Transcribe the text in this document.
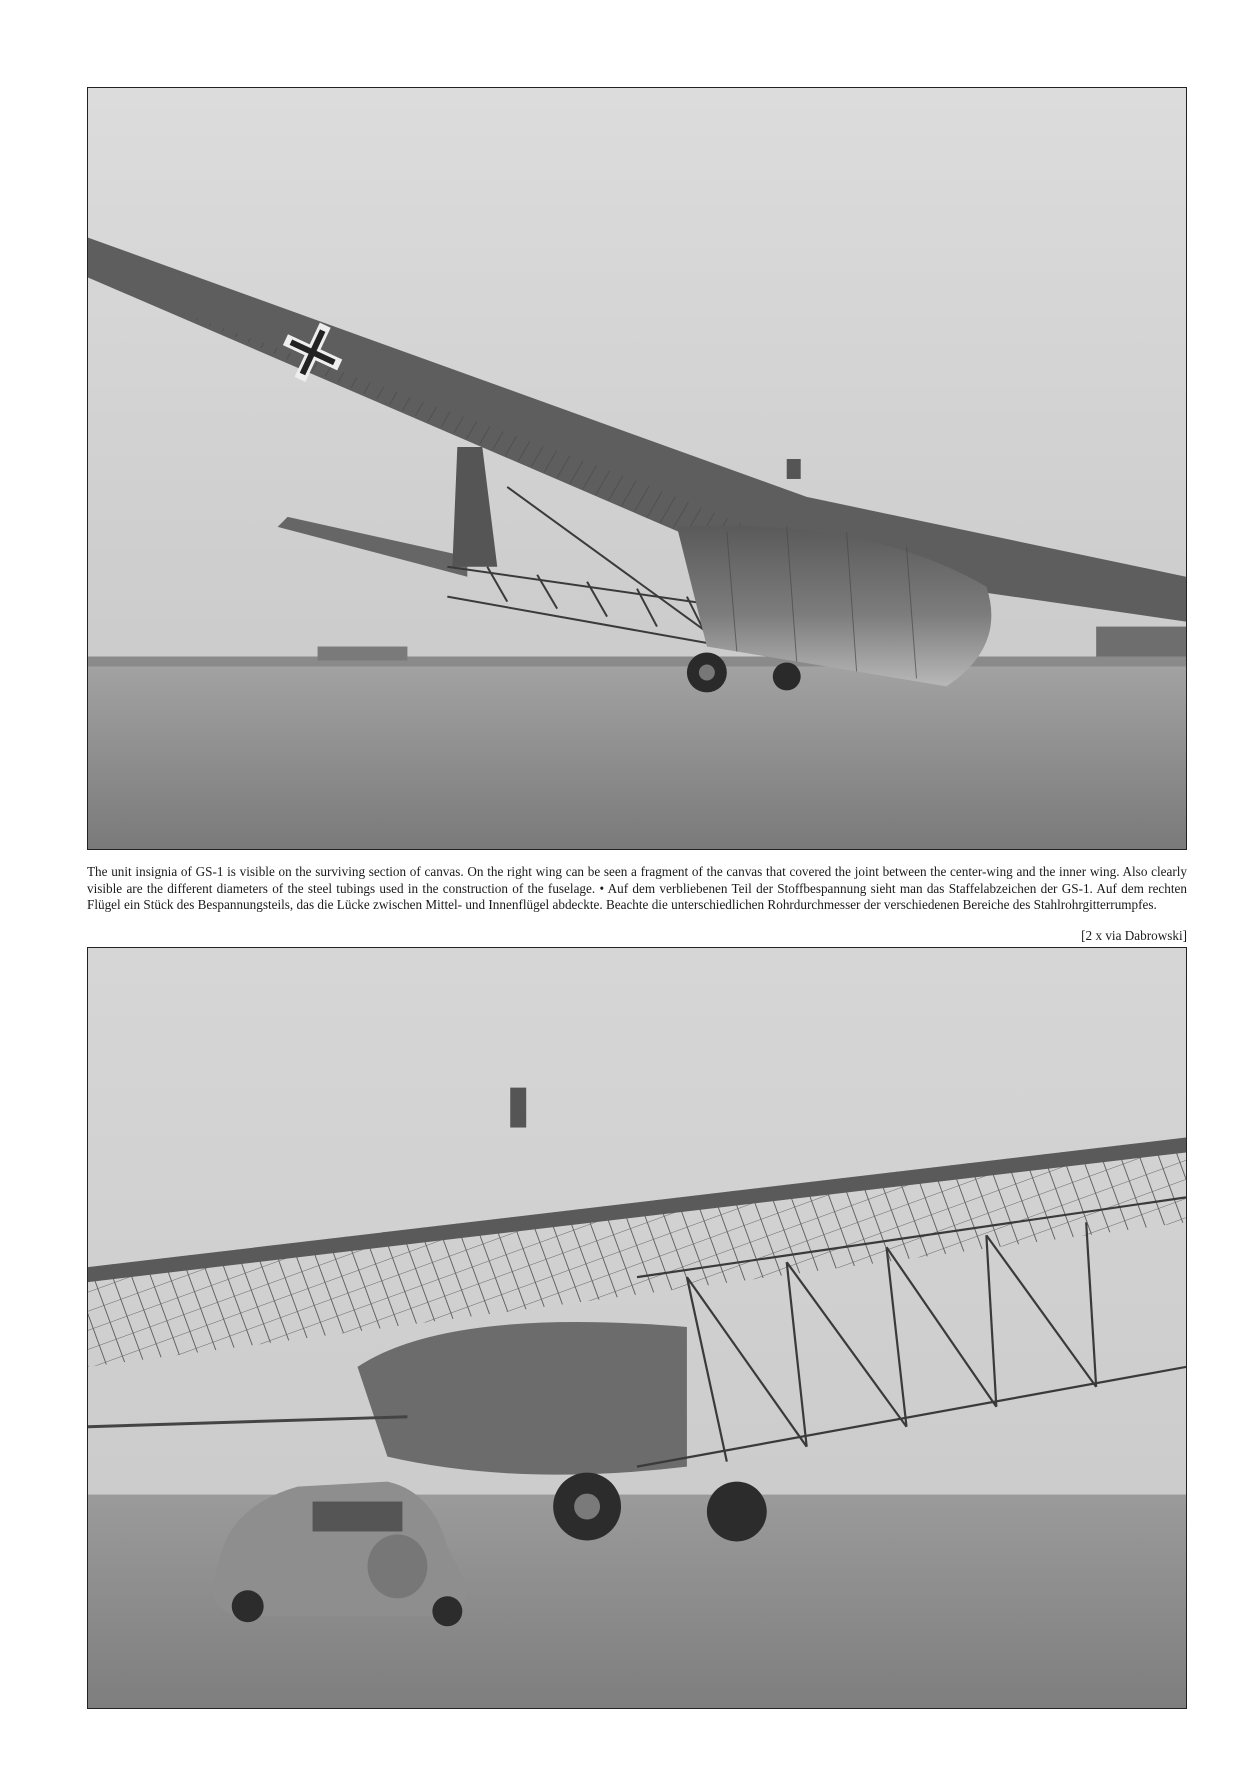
The unit insignia of GS-1 is visible on the surviving section of canvas. On the right wing can be seen a fragment of the canvas that covered the joint between the center-wing and the inner wing. Also clearly visible are the different diameters of the steel tubings used in the construction of the fuselage. • Auf dem verbliebenen Teil der Stoffbespannung sieht man das Staffelabzeichen der GS-1. Auf dem rechten Flügel ein Stück des Bespannungsteils, das die Lücke zwischen Mittel- und Innenflügel abdeckte. Beachte die unterschiedlichen Rohrdurchmesser der verschiedenen Bereiche des Stahlrohrgitterrumpfes.

[2 x via Dabrowski]
